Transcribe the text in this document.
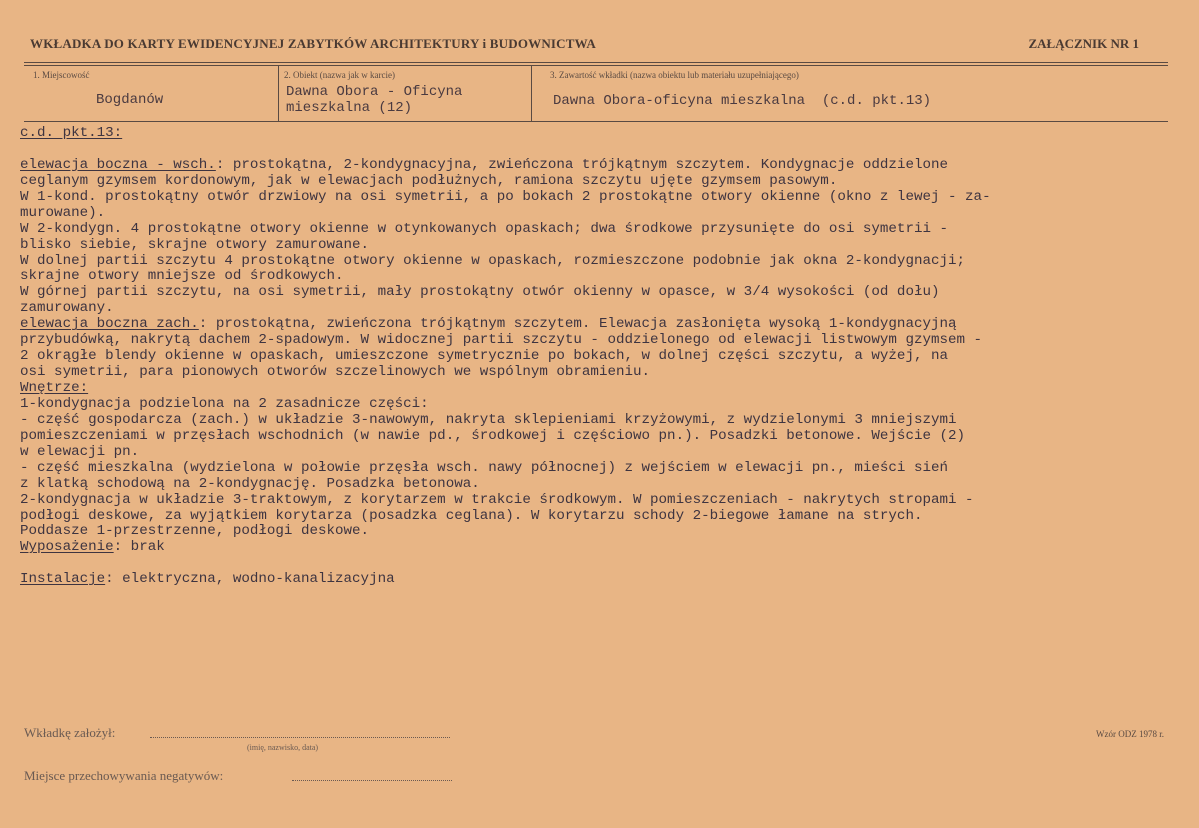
WKŁADKA DO KARTY EWIDENCYJNEJ ZABYTKÓW ARCHITEKTURY i BUDOWNICTWA	ZAŁĄCZNIK NR 1
1. Miejscowość
Bogdanów
2. Obiekt (nazwa jak w karcie)
Dawna Obora - Oficyna
mieszkalna (12)
3. Zawartość wkładki (nazwa obiektu lub materiału uzupełniającego)
Dawna Obora-oficyna mieszkalna  (c.d. pkt.13)
c.d. pkt.13:
elewacja boczna - wsch.: prostokątna, 2-kondygnacyjna, zwieńczona trójkątnym szczytem. Kondygnacje oddzielone
ceglanym gzymsem kordonowym, jak w elewacjach podłużnych, ramiona szczytu ujęte gzymsem pasowym.
W 1-kond. prostokątny otwór drzwiowy na osi symetrii, a po bokach 2 prostokątne otwory okienne (okno z lewej - za-
murowane).
W 2-kondygn. 4 prostokątne otwory okienne w otynkowanych opaskach; dwa środkowe przysunięte do osi symetrii -
blisko siebie, skrajne otwory zamurowane.
W dolnej partii szczytu 4 prostokątne otwory okienne w opaskach, rozmieszczone podobnie jak okna 2-kondygnacji;
skrajne otwory mniejsze od środkowych.
W górnej partii szczytu, na osi symetrii, mały prostokątny otwór okienny w opasce, w 3/4 wysokości (od dołu)
zamurowany.
elewacja boczna zach.: prostokątna, zwieńczona trójkątnym szczytem. Elewacja zasłonięta wysoką 1-kondygnacyjną
przybudówką, nakrytą dachem 2-spadowym. W widocznej partii szczytu - oddzielonego od elewacji listwowym gzymsem -
2 okrągłe blendy okienne w opaskach, umieszczone symetrycznie po bokach, w dolnej części szczytu, a wyżej, na
osi symetrii, para pionowych otworów szczelinowych we wspólnym obramieniu.
Wnętrze:
1-kondygnacja podzielona na 2 zasadnicze części:
- część gospodarcza (zach.) w układzie 3-nawowym, nakryta sklepieniami krzyżowymi, z wydzielonymi 3 mniejszymi
pomieszczeniami w przęsłach wschodnich (w nawie pd., środkowej i częściowo pn.). Posadzki betonowe. Wejście (2)
w elewacji pn.
- część mieszkalna (wydzielona w połowie przęsła wsch. nawy północnej) z wejściem w elewacji pn., mieści sień
z klatką schodową na 2-kondygnację. Posadzka betonowa.
2-kondygnacja w układzie 3-traktowym, z korytarzem w trakcie środkowym. W pomieszczeniach - nakrytych stropami -
podłogi deskowe, za wyjątkiem korytarza (posadzka ceglana). W korytarzu schody 2-biegowe łamane na strych.
Poddasze 1-przestrzenne, podłogi deskowe.
Wyposażenie: brak
Instalacje: elektryczna, wodno-kanalizacyjna
Wkładkę założył:
(imię, nazwisko, data)
Miejsce przechowywania negatywów:
Wzór ODZ 1978 r.
